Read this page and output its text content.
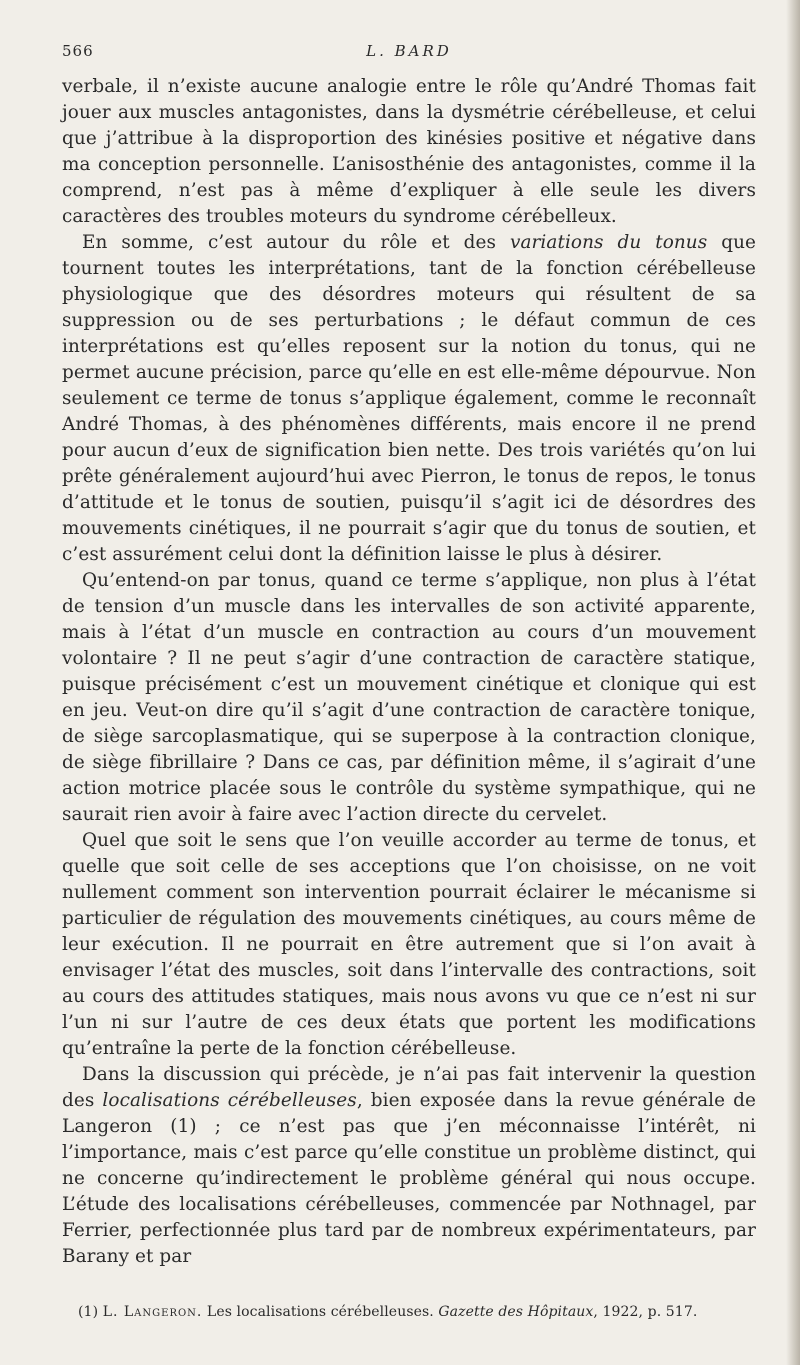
566	L. BARD

verbale, il n’existe aucune analogie entre le rôle qu’André Thomas fait jouer aux muscles antagonistes, dans la dysmétrie cérébelleuse, et celui que j’attribue à la disproportion des kinésies positive et négative dans ma conception personnelle. L’anisosthénie des antagonistes, comme il la comprend, n’est pas à même d’expliquer à elle seule les divers caractères des troubles moteurs du syndrome cérébelleux.

En somme, c’est autour du rôle et des variations du tonus que tournent toutes les interprétations, tant de la fonction cérébelleuse physiologique que des désordres moteurs qui résultent de sa suppression ou de ses perturbations ; le défaut commun de ces interprétations est qu’elles reposent sur la notion du tonus, qui ne permet aucune précision, parce qu’elle en est elle-même dépourvue. Non seulement ce terme de tonus s’applique également, comme le reconnaît André Thomas, à des phénomènes différents, mais encore il ne prend pour aucun d’eux de signification bien nette. Des trois variétés qu’on lui prête généralement aujourd’hui avec Pierron, le tonus de repos, le tonus d’attitude et le tonus de soutien, puisqu’il s’agit ici de désordres des mouvements cinétiques, il ne pourrait s’agir que du tonus de soutien, et c’est assurément celui dont la définition laisse le plus à désirer.

Qu’entend-on par tonus, quand ce terme s’applique, non plus à l’état de tension d’un muscle dans les intervalles de son activité apparente, mais à l’état d’un muscle en contraction au cours d’un mouvement volontaire ? Il ne peut s’agir d’une contraction de caractère statique, puisque précisément c’est un mouvement cinétique et clonique qui est en jeu. Veut-on dire qu’il s’agit d’une contraction de caractère tonique, de siège sarcoplasmatique, qui se superpose à la contraction clonique, de siège fibrillaire ? Dans ce cas, par définition même, il s’agirait d’une action motrice placée sous le contrôle du système sympathique, qui ne saurait rien avoir à faire avec l’action directe du cervelet.

Quel que soit le sens que l’on veuille accorder au terme de tonus, et quelle que soit celle de ses acceptions que l’on choisisse, on ne voit nullement comment son intervention pourrait éclairer le mécanisme si particulier de régulation des mouvements cinétiques, au cours même de leur exécution. Il ne pourrait en être autrement que si l’on avait à envisager l’état des muscles, soit dans l’intervalle des contractions, soit au cours des attitudes statiques, mais nous avons vu que ce n’est ni sur l’un ni sur l’autre de ces deux états que portent les modifications qu’entraîne la perte de la fonction cérébelleuse.

Dans la discussion qui précède, je n’ai pas fait intervenir la question des localisations cérébelleuses, bien exposée dans la revue générale de Langeron (1) ; ce n’est pas que j’en méconnaisse l’intérêt, ni l’importance, mais c’est parce qu’elle constitue un problème distinct, qui ne concerne qu’indirectement le problème général qui nous occupe. L’étude des localisations cérébelleuses, commencée par Nothnagel, par Ferrier, perfectionnée plus tard par de nombreux expérimentateurs, par Barany et par

(1) L. Langeron. Les localisations cérébelleuses. Gazette des Hôpitaux, 1922, p. 517.
